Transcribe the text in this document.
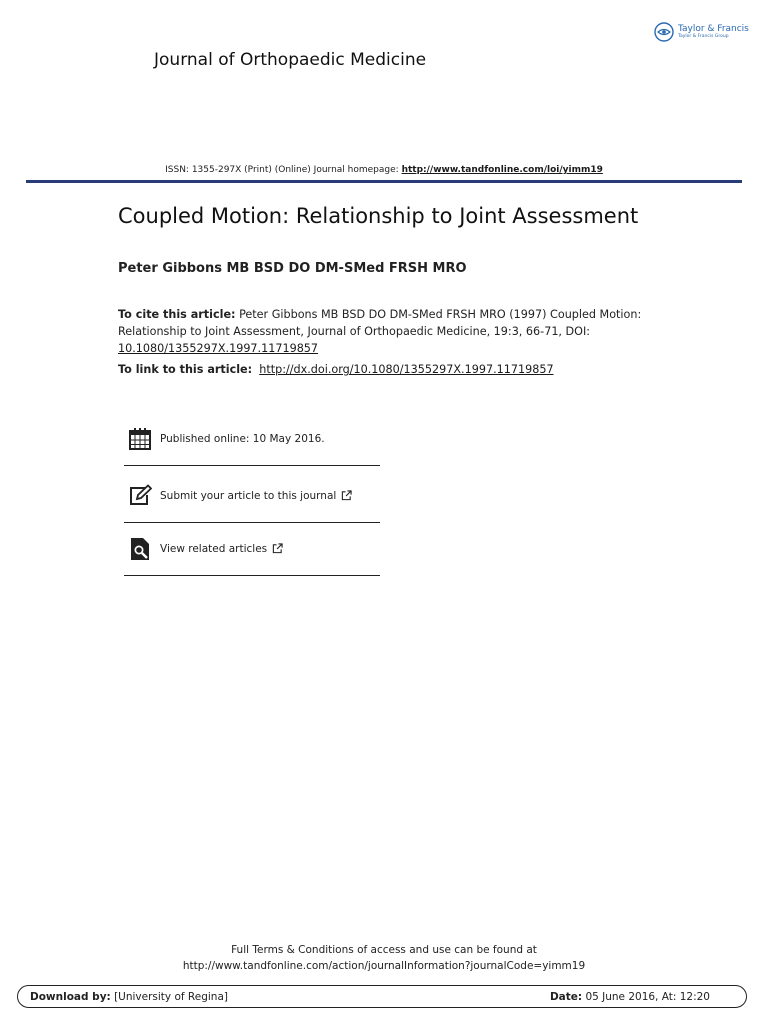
Taylor & Francis
Taylor & Francis Group
Journal of Orthopaedic Medicine
ISSN: 1355-297X (Print) (Online) Journal homepage: http://www.tandfonline.com/loi/yimm19
Coupled Motion: Relationship to Joint Assessment
Peter Gibbons MB BSD DO DM-SMed FRSH MRO
To cite this article: Peter Gibbons MB BSD DO DM-SMed FRSH MRO (1997) Coupled Motion: Relationship to Joint Assessment, Journal of Orthopaedic Medicine, 19:3, 66-71, DOI: 10.1080/1355297X.1997.11719857
To link to this article: http://dx.doi.org/10.1080/1355297X.1997.11719857
Published online: 10 May 2016.
Submit your article to this journal
View related articles
Full Terms & Conditions of access and use can be found at
http://www.tandfonline.com/action/journalInformation?journalCode=yimm19
Download by: [University of Regina]	Date: 05 June 2016, At: 12:20
